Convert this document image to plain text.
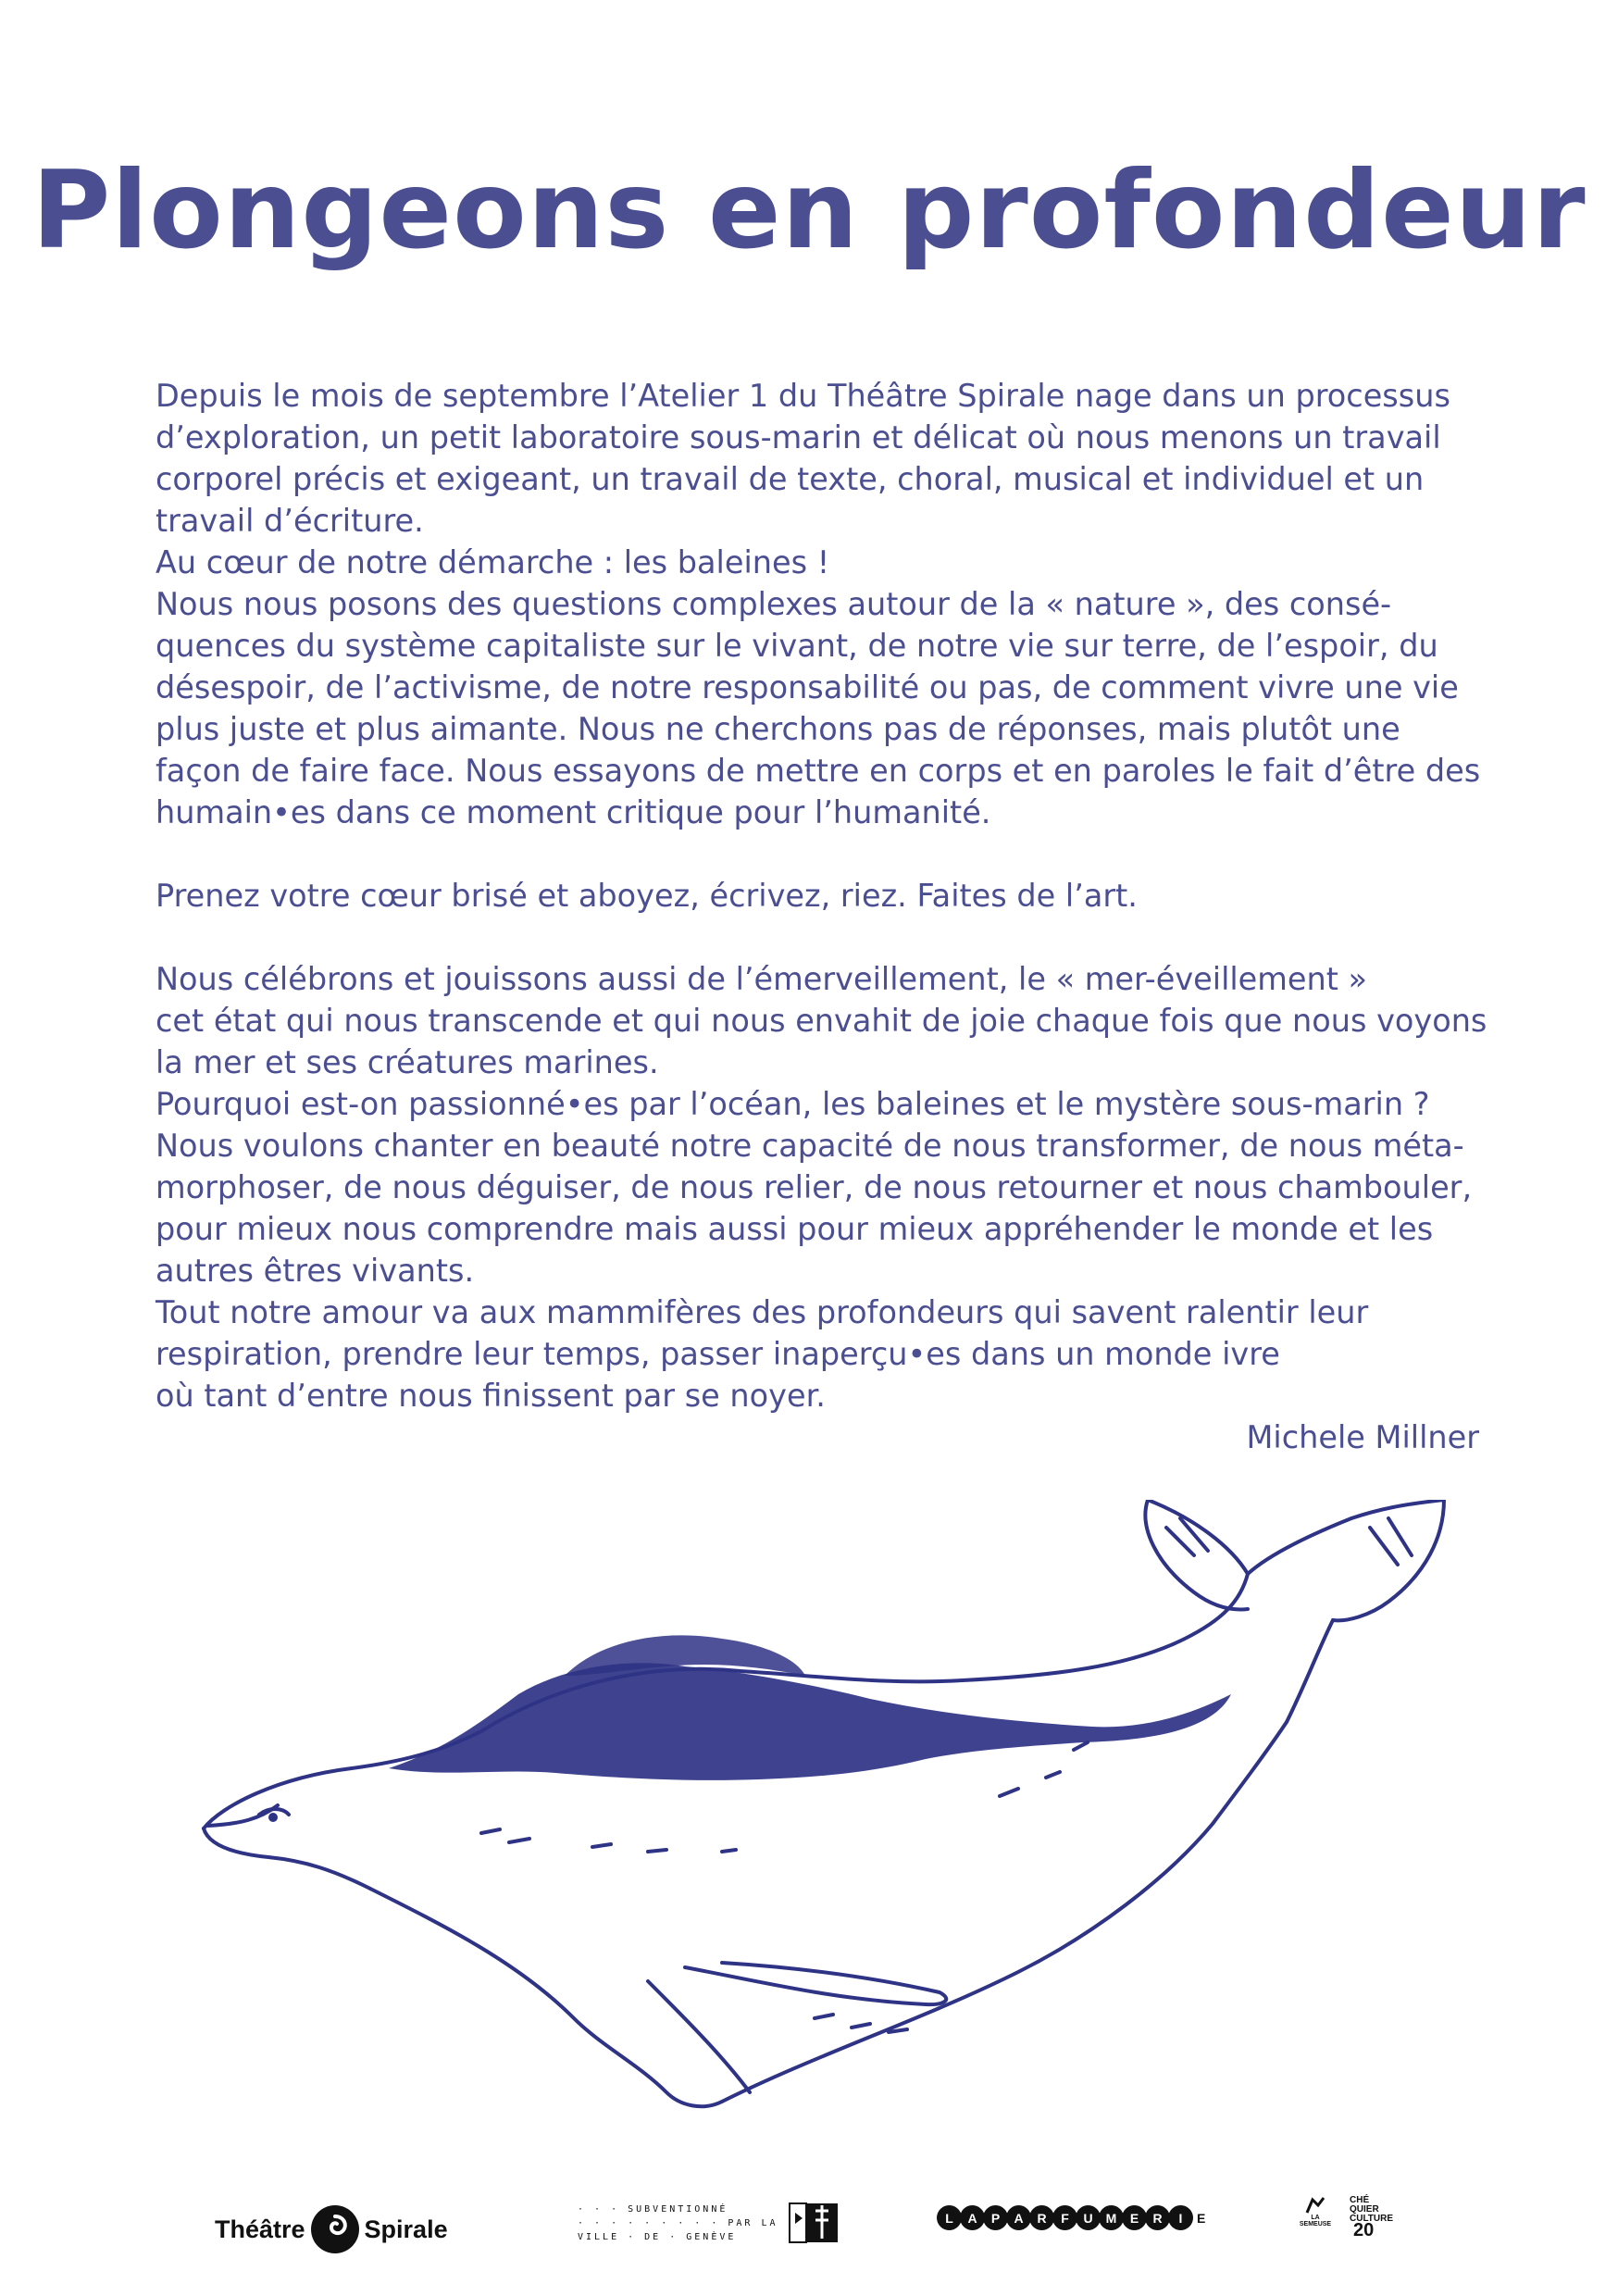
Plongeons en profondeur

Depuis le mois de septembre l’Atelier 1 du Théâtre Spirale nage dans un processus

d’exploration, un petit laboratoire sous-marin et délicat où nous menons un travail

corporel précis et exigeant, un travail de texte, choral, musical et individuel et un

travail d’écriture.

Au cœur de notre démarche : les baleines !

Nous nous posons des questions complexes autour de la « nature », des consé-

quences du système capitaliste sur le vivant, de notre vie sur terre, de l’espoir, du

désespoir, de l’activisme, de notre responsabilité ou pas, de comment vivre une vie

plus juste et plus aimante. Nous ne cherchons pas de réponses, mais plutôt une

façon de faire face. Nous essayons de mettre en corps et en paroles le fait d’être des

humain•es dans ce moment critique pour l’humanité.

Prenez votre cœur brisé et aboyez, écrivez, riez. Faites de l’art.

Nous célébrons et jouissons aussi de l’émerveillement, le « mer-éveillement »

cet état qui nous transcende et qui nous envahit de joie chaque fois que nous voyons

la mer et ses créatures marines.

Pourquoi est-on passionné•es par l’océan, les baleines et le mystère sous-marin ?

Nous voulons chanter en beauté notre capacité de nous transformer, de nous méta-

morphoser, de nous déguiser, de nous relier, de nous retourner et nous chambouler,

pour mieux nous comprendre mais aussi pour mieux appréhender le monde et les

autres êtres vivants.

Tout notre amour va aux mammifères des profondeurs qui savent ralentir leur

respiration, prendre leur temps, passer inaperçu•es dans un monde ivre

où tant d’entre nous finissent par se noyer.

Michele Millner

Théâtre Spirale
· · · SUBVENTIONNÉ
· · · · · · · · · PAR LA
VILLE · DE · GENÈVE
L	A	P	A	R	F	U	M	E	R	I	E	LA SEMEUSE
CHÉ
QUIER
CULTURE
20
